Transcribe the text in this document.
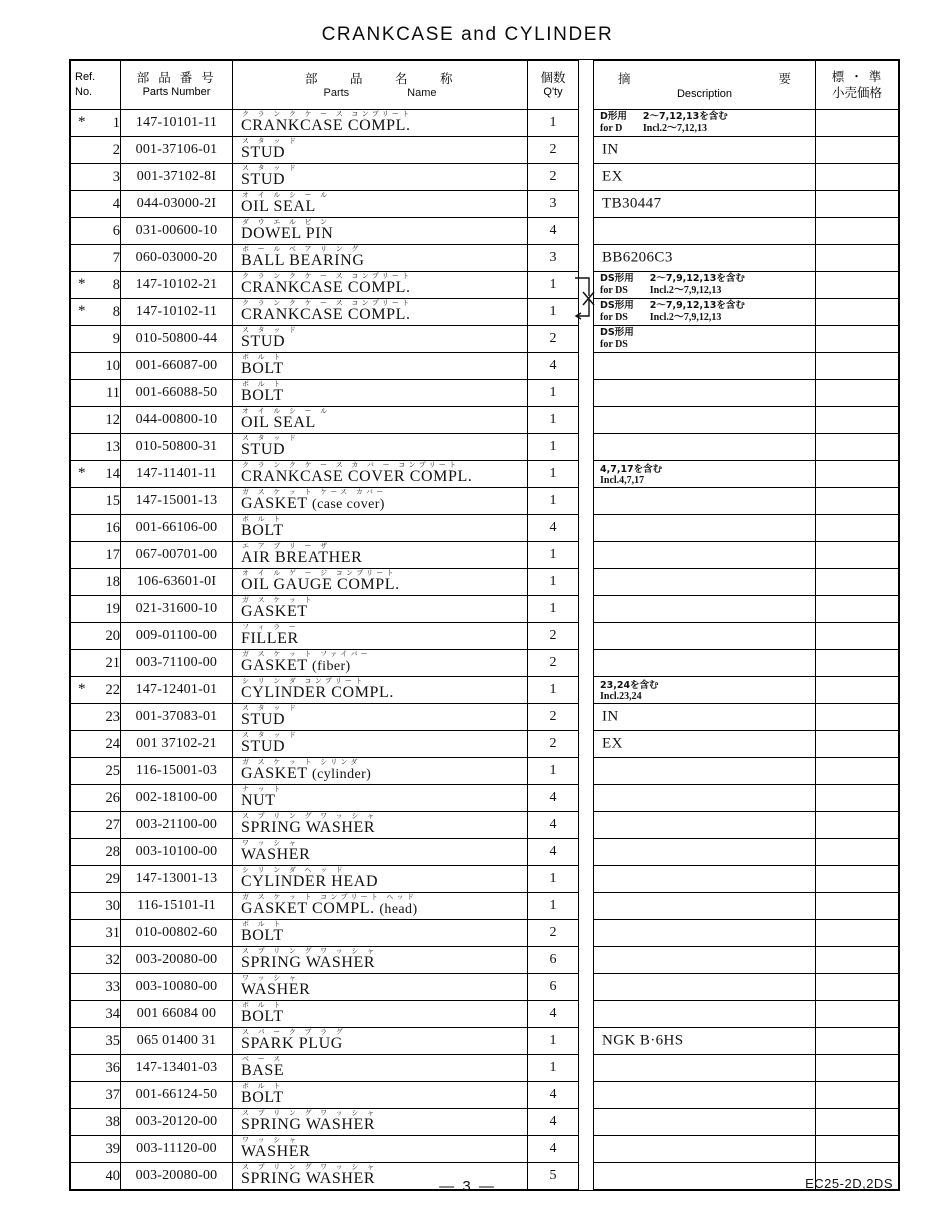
CRANKCASE and CYLINDER
Ref.
No.	部 品 番 号
Parts Number	部　　品　　名　　称
Parts Name	個数
Q'ty		摘 要
Description	標 ・ 準
小売価格

* 1	147-10101-11	
ク ラ ン ク ケ ー ス コンプリート
CRANKCASE COMPL.	1		D形用
for D
2～7,12,13を含む
Incl.2～7,12,13

2	001-37106-01	ス タ ッ ド
STUD	2		IN	

3	001-37102-8I	ス タ ッ ド
STUD	2		EX	

4	044-03000-2I	オ イ ル シ ー ル
OIL SEAL	3		TB30447	

6	031-00600-10	ダ ウ エ ル ピ ン
DOWEL PIN	4		

7	060-03000-20	ボ ー ル ベ ア リ ン グ
BALL BEARING	3		BB6206C3	

* 8	147-10102-21	
ク ラ ン ク ケ ー ス コンプリート
CRANKCASE COMPL.	1		DS形用
for DS
2～7,9,12,13を含む
Incl.2～7,9,12,13

* 8	147-10102-11	
ク ラ ン ク ケ ー ス コンプリート
CRANKCASE COMPL.	1		DS形用
for DS
2～7,9,12,13を含む
Incl.2～7,9,12,13

9	010-50800-44	
ス タ ッ ド
STUD	2		DS形用
for DS

10	001-66087-00	ボ ル ト
BOLT	4		

11	001-66088-50	ボ ル ト
BOLT	1		

12	044-00800-10	オ イ ル シ ー ル
OIL SEAL	1		

13	010-50800-31	ス タ ッ ド
STUD	1		

* 14	147-11401-11	
ク ラ ン ク ケ ー ス カ バ ー コンプリート
CRANKCASE COVER COMPL.	1		4,7,17を含む
Incl.4,7,17

15	147-15001-13	ガ ス ケ ッ ト ケース カバー
GASKET (case cover)	1		

16	001-66106-00	ボ ル ト
BOLT	4		

17	067-00701-00	エ ア ブ リ ー ザ
AIR BREATHER	1		

18	106-63601-0I	オ イ ル ゲ ー ジ コンプリート
OIL GAUGE COMPL.	1		

19	021-31600-10	ガ ス ケ ッ ト
GASKET	1		

20	009-01100-00	フ ィ ラ ー
FILLER	2		

21	003-71100-00	ガ ス ケ ッ ト ファイバー
GASKET (fiber)	2		

* 22	147-12401-01	
シ リ ン ダ コンプリート
CYLINDER COMPL.	1		23,24を含む
Incl.23,24

23	001-37083-01	ス タ ッ ド
STUD	2		IN	

24	001 37102-21	ス タ ッ ド
STUD	2		EX	

25	116-15001-03	ガ ス ケ ッ ト シリンダ
GASKET (cylinder)	1		

26	002-18100-00	ナ ッ ト
NUT	4		

27	003-21100-00	ス プ リ ン グ ワ ッ シ ャ
SPRING WASHER	4		

28	003-10100-00	ワ ッ シ ャ
WASHER	4		

29	147-13001-13	シ リ ン ダ ヘ ッ ド
CYLINDER HEAD	1		

30	116-15101-I1	ガ ス ケ ッ ト コンプリート ヘッド
GASKET COMPL. (head)	1		

31	010-00802-60	ボ ル ト
BOLT	2		

32	003-20080-00	ス プ リ ン グ ワ ッ シ ャ
SPRING WASHER	6		

33	003-10080-00	ワ ッ シ ャ
WASHER	6		

34	001 66084 00	ボ ル ト
BOLT	4		

35	065 01400 31	ス パ ー ク プ ラ グ
SPARK PLUG	1		NGK B·6HS	

36	147-13401-03	ベ ー ス
BASE	1		

37	001-66124-50	ボ ル ト
BOLT	4		

38	003-20120-00	ス プ リ ン グ ワ ッ シ ャ
SPRING WASHER	4		

39	003-11120-00	ワ ッ シ ャ
WASHER	4		

40	003-20080-00	ス プ リ ン グ ワ ッ シ ャ
SPRING WASHER	5		

— 3 —	EC25-2D,2DS
